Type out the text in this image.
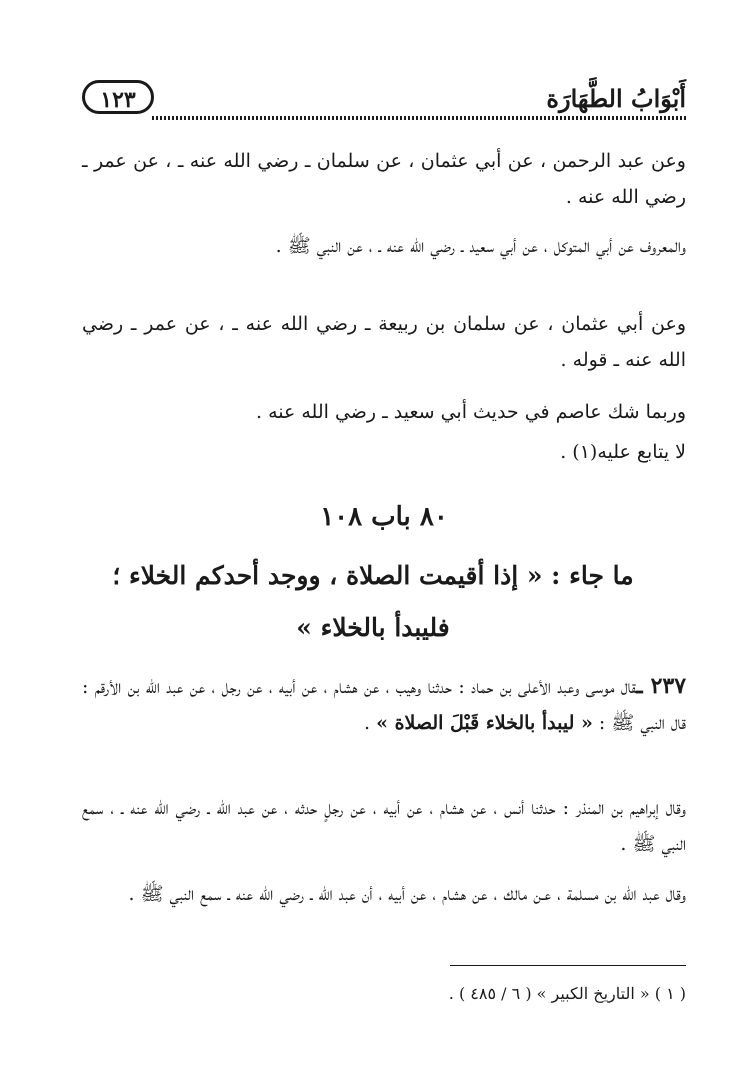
أَبْوَابُ الطَّهَارَة
١٢٣

وعن عبد الرحمن ، عن أبي عثمان ، عن سلمان ـ رضي الله عنه ـ ، عن عمر ـ رضي الله عنه .

والمعروف عن أبي المتوكل ، عن أبي سعيد ـ رضي الله عنه ـ ، عن النبي ﷺ .

وعن أبي عثمان ، عن سلمان بن ربيعة ـ رضي الله عنه ـ ، عن عمر ـ رضي الله عنه ـ قوله .

وربما شك عاصم في حديث أبي سعيد ـ رضي الله عنه .

لا يتابع عليه(١) .

٨٠ باب ١٠٨
ما جاء : « إذا أقيمت الصلاة ، ووجد أحدكم الخلاء ؛
فليبدأ بالخلاء »

٢٣٧ ـقال موسى وعبد الأعلى بن حماد : حدثنا وهيب ، عن هشام ، عن أبيه ، عن رجل ، عن عبد الله بن الأرقم : قال النبي ﷺ : « ليبدأ بالخلاء قَبْلَ الصلاة » .

وقال إبراهيم بن المنذر : حدثنا أنس ، عن هشام ، عن أبيه ، عن رجلٍ حدثه ، عن عبد الله ـ رضي الله عنه ـ ، سمع النبي ﷺ .

وقال عبد الله بن مسلمة ، عـن مالك ، عن هشام ، عن أبيه ، أن عبد الله ـ رضي الله عنه ـ سمع النبي ﷺ .

( ١ ) « التاريخ الكبير » ( ٦ / ٤٨٥ ) .
